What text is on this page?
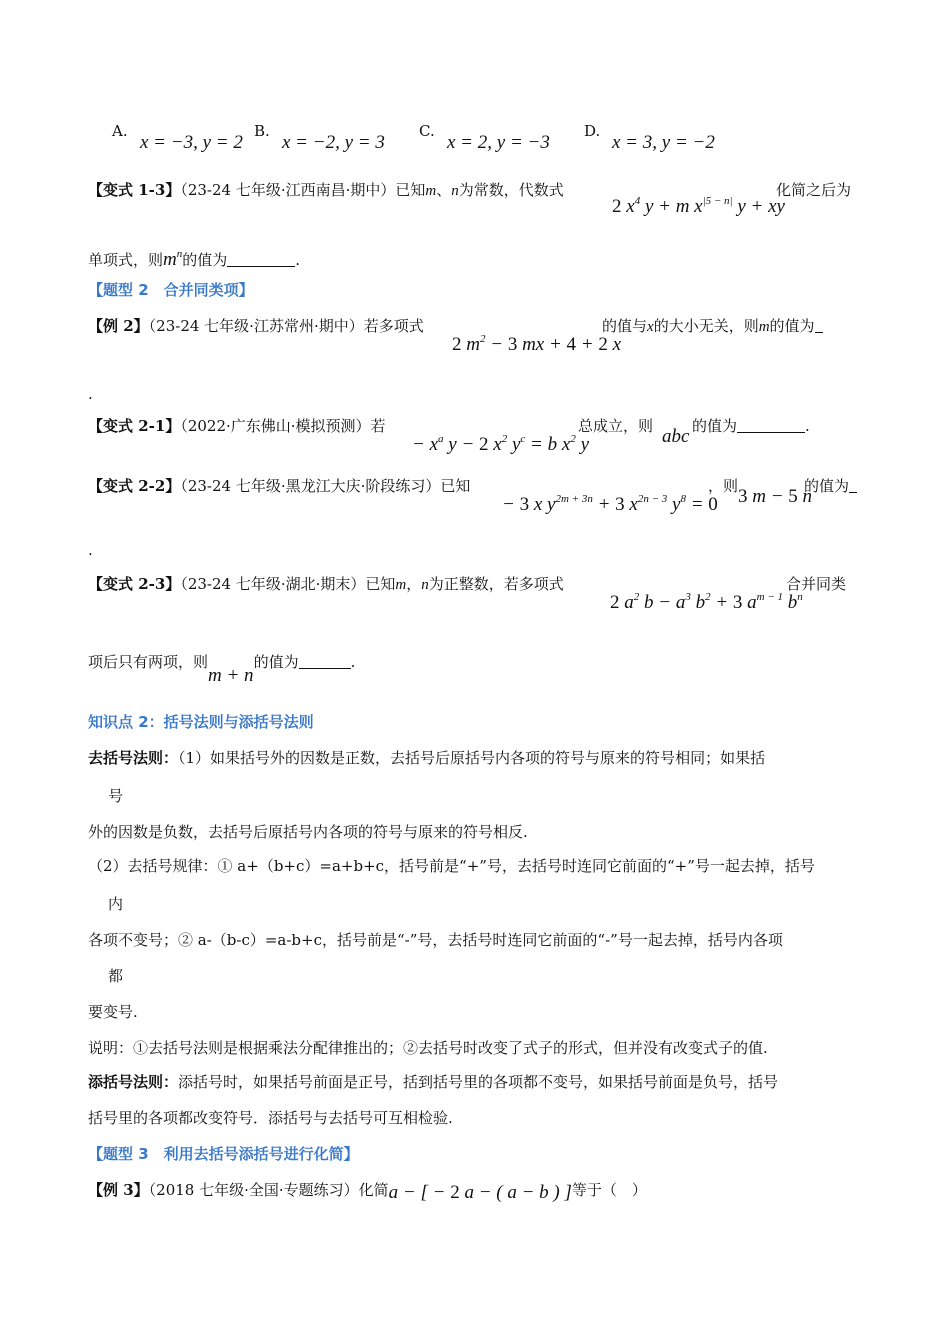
A.
x = −3, y = 2
B.
x = −2, y = 3
C.
x = 2, y = −3
D.
x = 3, y = −2
【变式 1-3】（23-24 七年级·江西南昌·期中）已知m、n为常数，代数式
2 $x^4$ y + m $x^{|5 - n|}$ y + xy
化简之后为
单项式，则$m^n$的值为	.
【题型 2　合并同类项】
【例 2】（23-24 七年级·江苏常州·期中）若多项式
2 $m^2 - 3$ mx + 4 + 2 x
的值与x的大小无关，则m的值为
.
【变式 2-1】（2022·广东佛山·模拟预测）若
− $x^a$ y − 2 $x^2$ $y^c = b$ $x^2$ y
总成立，则 abc 的值为	.
【变式 2-2】（23-24 七年级·黑龙江大庆·阶段练习）已知
− 3 x $y^{2m + 3n} + 3$ $x^{2n - 3}$ $y^8 = 0$
，则 3 m − 5 n
的值为
.
【变式 2-3】（23-24 七年级·湖北·期末）已知m，n为正整数，若多项式
2 $a^2$ $b - a^3$ $b^2 + 3$ $a^{m - 1}$ $b^n$
合并同类
项后只有两项，则m + n的值为	.
知识点 2：括号法则与添括号法则
去括号法则：（1）如果括号外的因数是正数，去括号后原括号内各项的符号与原来的符号相同；如果括
号
外的因数是负数，去括号后原括号内各项的符号与原来的符号相反.
（2）去括号规律：① a+（b+c）=a+b+c，括号前是“+”号，去括号时连同它前面的“+”号一起去掉，括号
内
各项不变号；② a-（b-c）=a-b+c，括号前是“-”号，去括号时连同它前面的“-”号一起去掉，括号内各项
都
要变号.
说明：①去括号法则是根据乘法分配律推出的；②去括号时改变了式子的形式，但并没有改变式子的值.
添括号法则：添括号时，如果括号前面是正号，括到括号里的各项都不变号，如果括号前面是负号，括号
括号里的各项都改变符号．添括号与去括号可互相检验.
【题型 3　利用去括号添括号进行化简】
【例 3】（2018 七年级·全国·专题练习）化简a − [ − 2 a − ( a − b ) ]等于（　）
